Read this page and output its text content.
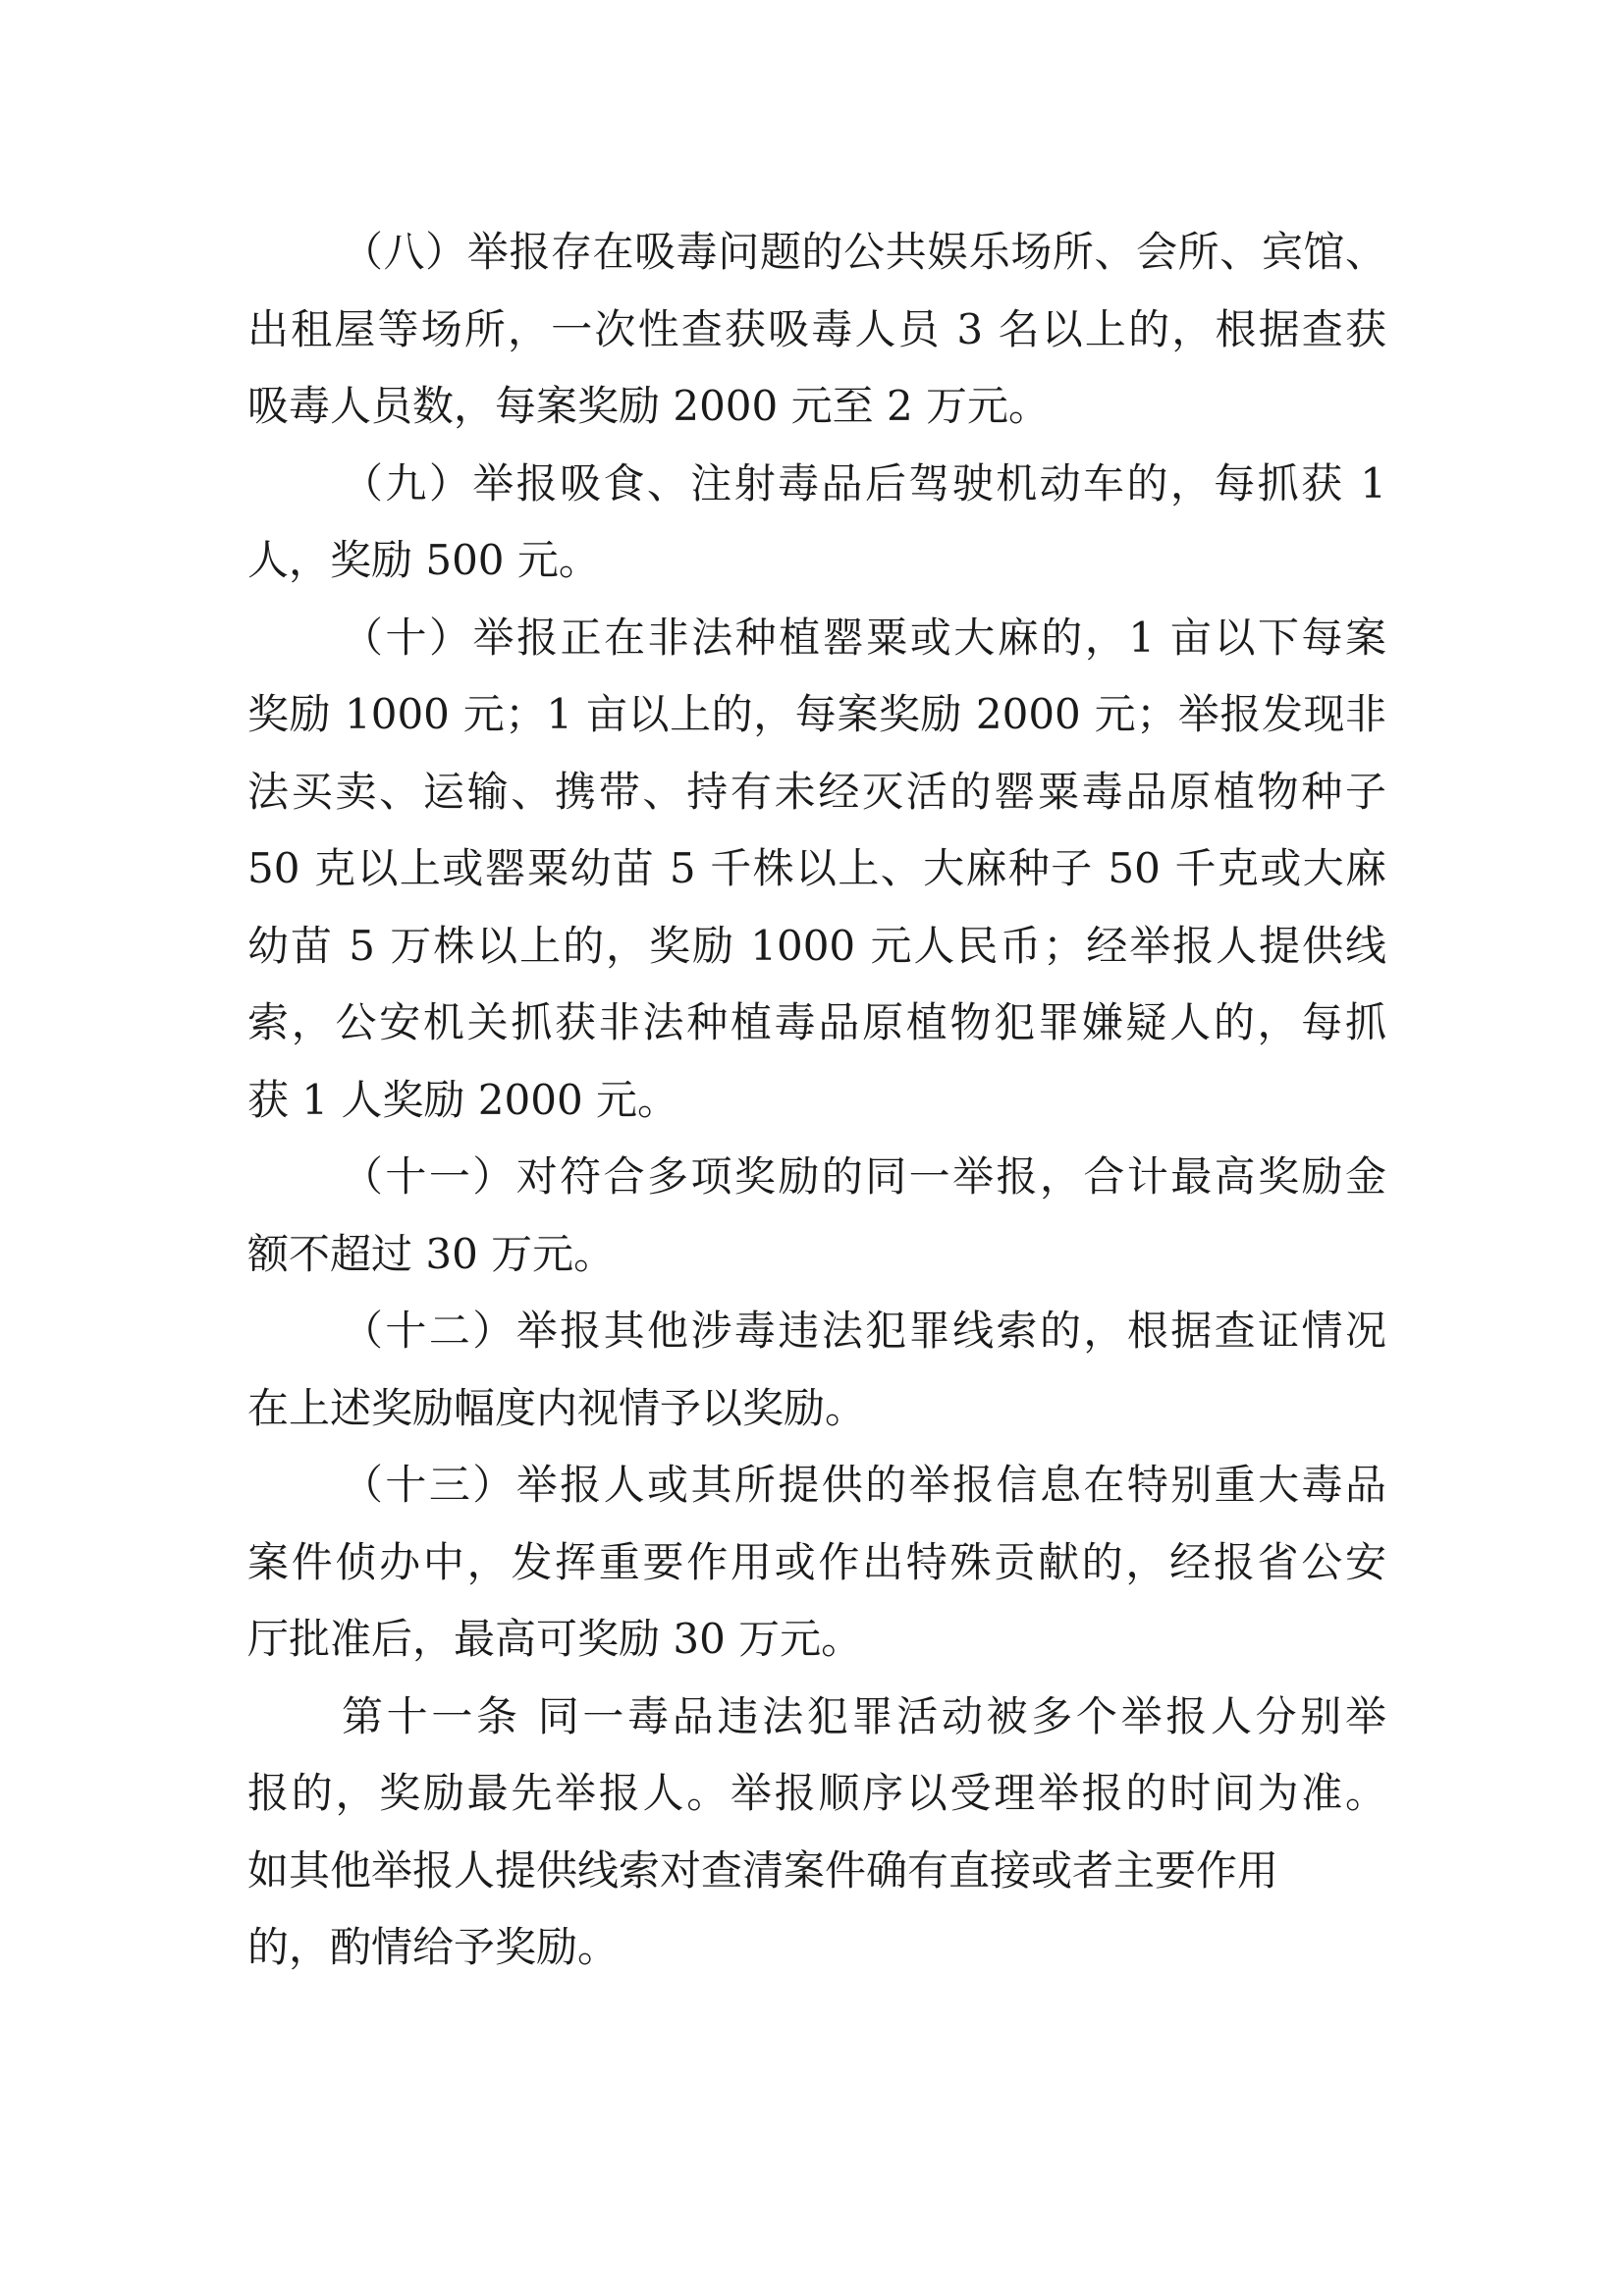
（八）举报存在吸毒问题的公共娱乐场所、会所、宾馆、
出租屋等场所，一次性查获吸毒人员 3 名以上的，根据查获
吸毒人员数，每案奖励 2000 元至 2 万元。
（九）举报吸食、注射毒品后驾驶机动车的，每抓获 1
人，奖励 500 元。
（十）举报正在非法种植罂粟或大麻的，1 亩以下每案
奖励 1000 元；1 亩以上的，每案奖励 2000 元；举报发现非
法买卖、运输、携带、持有未经灭活的罂粟毒品原植物种子
50 克以上或罂粟幼苗 5 千株以上、大麻种子 50 千克或大麻
幼苗 5 万株以上的，奖励 1000 元人民币；经举报人提供线
索，公安机关抓获非法种植毒品原植物犯罪嫌疑人的，每抓
获 1 人奖励 2000 元。
（十一）对符合多项奖励的同一举报，合计最高奖励金
额不超过 30 万元。
（十二）举报其他涉毒违法犯罪线索的，根据查证情况
在上述奖励幅度内视情予以奖励。
（十三）举报人或其所提供的举报信息在特别重大毒品
案件侦办中，发挥重要作用或作出特殊贡献的，经报省公安
厅批准后，最高可奖励 30 万元。
第十一条 同一毒品违法犯罪活动被多个举报人分别举
报的，奖励最先举报人。举报顺序以受理举报的时间为准。
如其他举报人提供线索对查清案件确有直接或者主要作用
的，酌情给予奖励。
